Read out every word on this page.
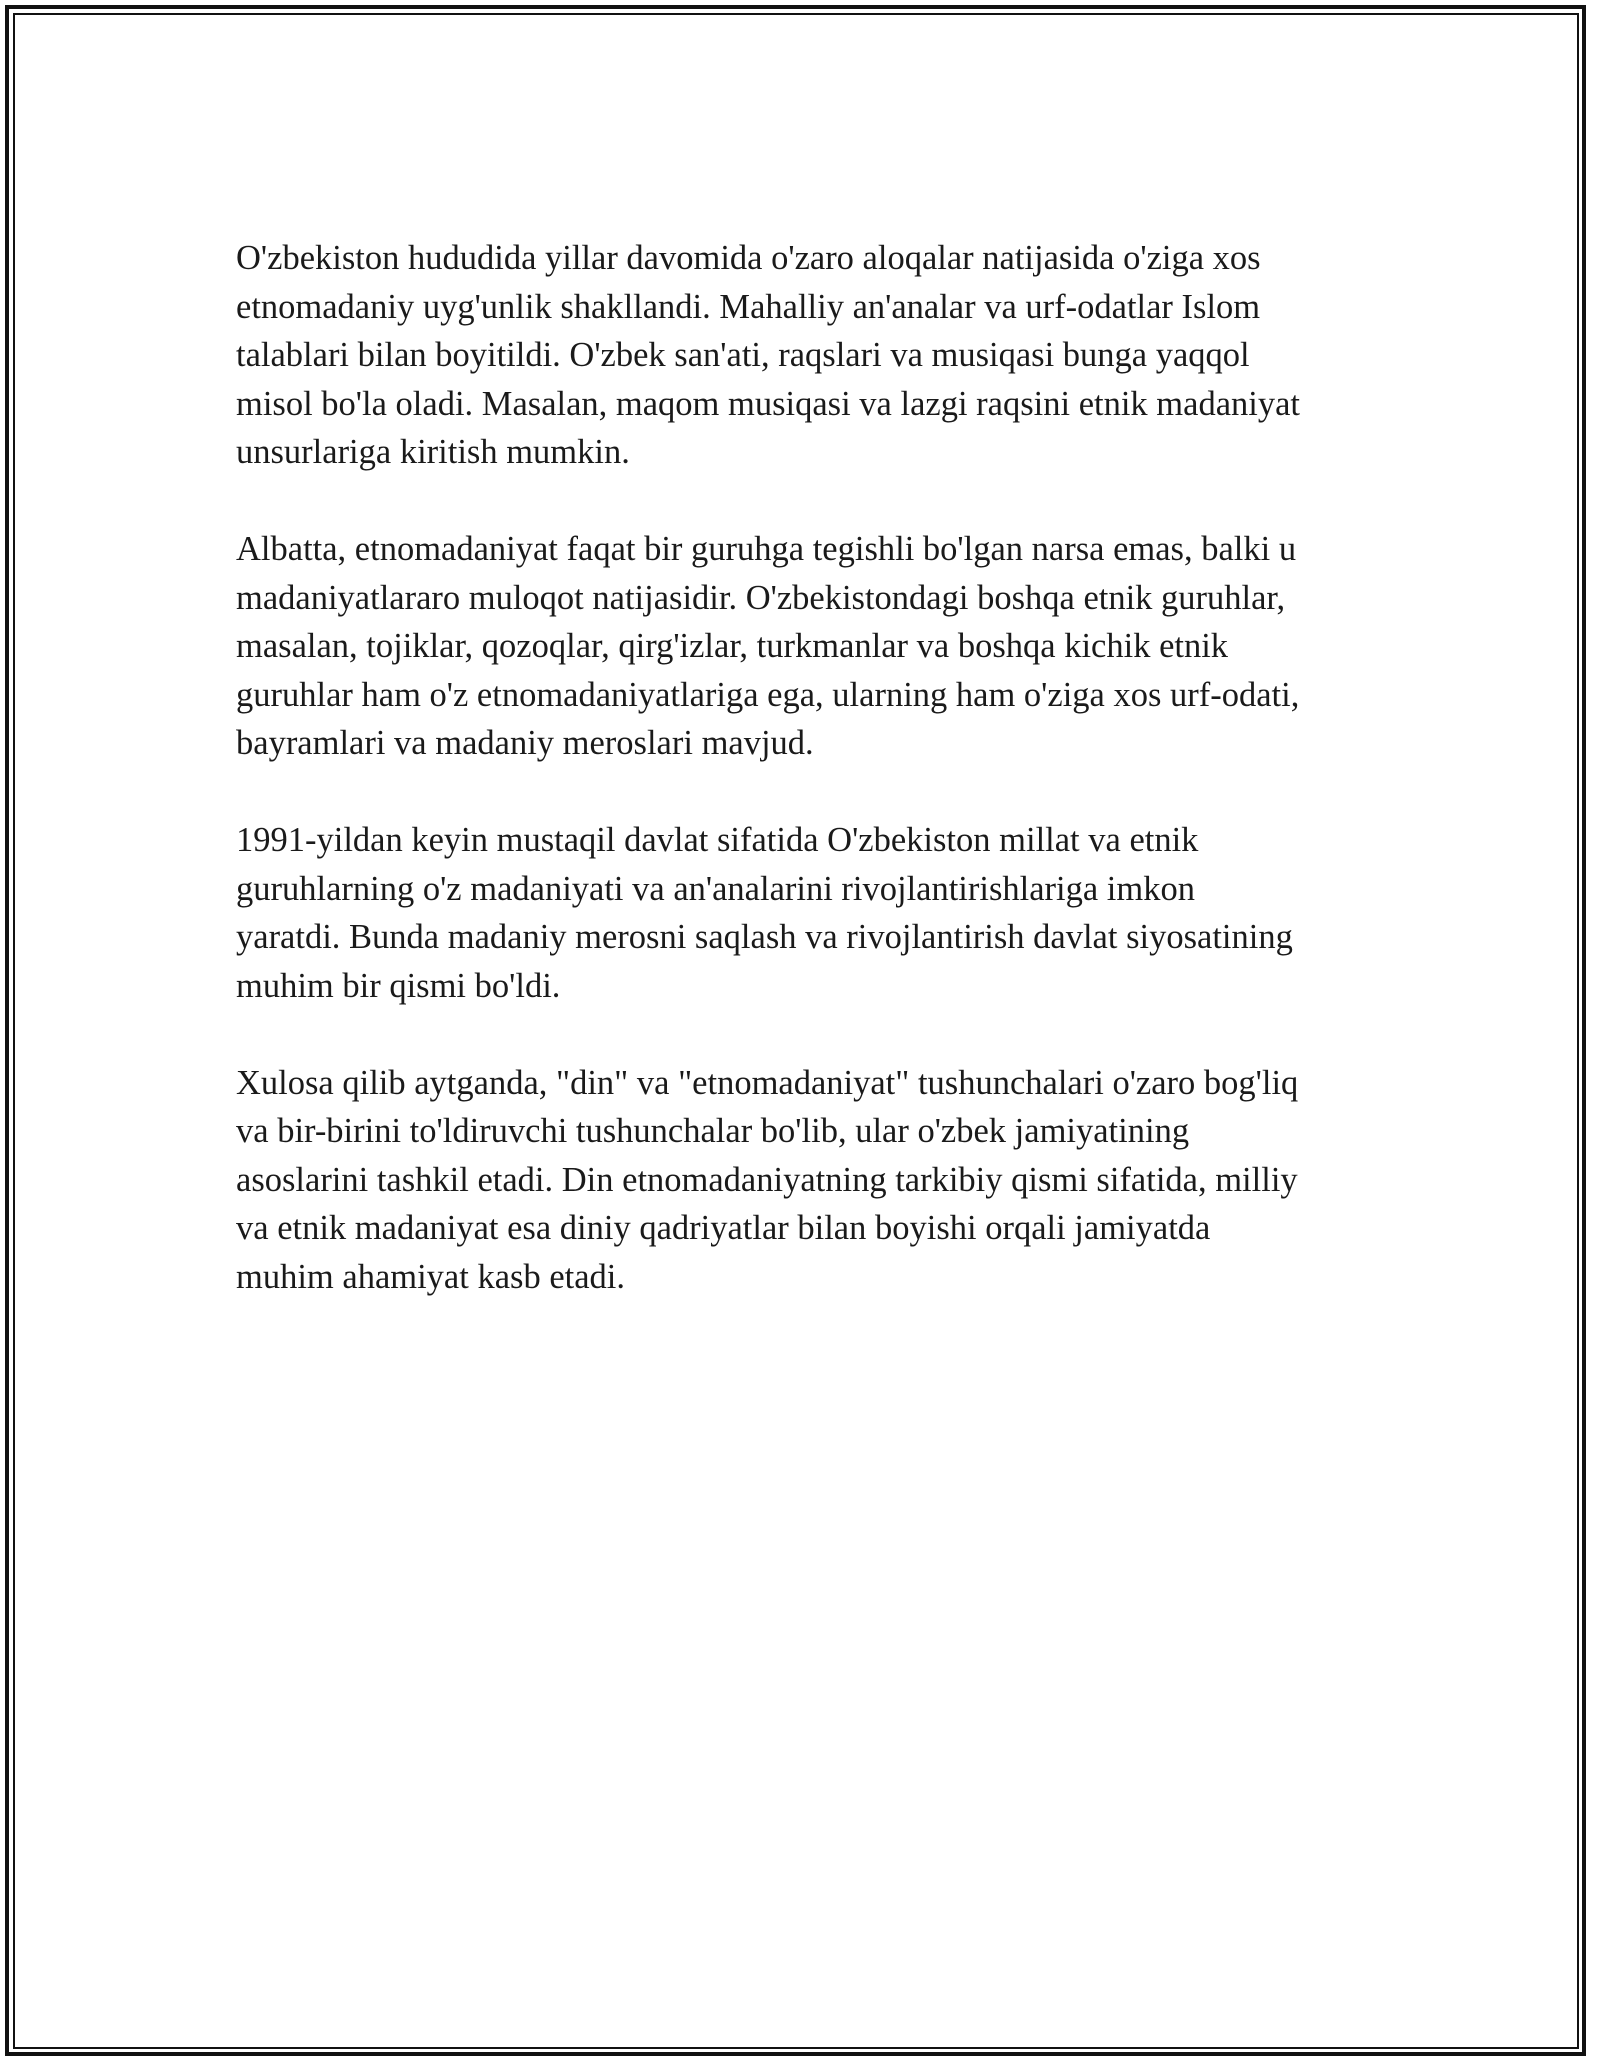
O'zbekiston hududida yillar davomida o'zaro aloqalar natijasida o'ziga xos
etnomadaniy uyg'unlik shakllandi. Mahalliy an'analar va urf-odatlar Islom
talablari bilan boyitildi. O'zbek san'ati, raqslari va musiqasi bunga yaqqol
misol bo'la oladi. Masalan, maqom musiqasi va lazgi raqsini etnik madaniyat
unsurlariga kiritish mumkin.

Albatta, etnomadaniyat faqat bir guruhga tegishli bo'lgan narsa emas, balki u
madaniyatlararo muloqot natijasidir. O'zbekistondagi boshqa etnik guruhlar,
masalan, tojiklar, qozoqlar, qirg'izlar, turkmanlar va boshqa kichik etnik
guruhlar ham o'z etnomadaniyatlariga ega, ularning ham o'ziga xos urf-odati,
bayramlari va madaniy meroslari mavjud.

1991-yildan keyin mustaqil davlat sifatida O'zbekiston millat va etnik
guruhlarning o'z madaniyati va an'analarini rivojlantirishlariga imkon
yaratdi. Bunda madaniy merosni saqlash va rivojlantirish davlat siyosatining
muhim bir qismi bo'ldi.

Xulosa qilib aytganda, "din" va "etnomadaniyat" tushunchalari o'zaro bog'liq
va bir-birini to'ldiruvchi tushunchalar bo'lib, ular o'zbek jamiyatining
asoslarini tashkil etadi. Din etnomadaniyatning tarkibiy qismi sifatida, milliy
va etnik madaniyat esa diniy qadriyatlar bilan boyishi orqali jamiyatda
muhim ahamiyat kasb etadi.
